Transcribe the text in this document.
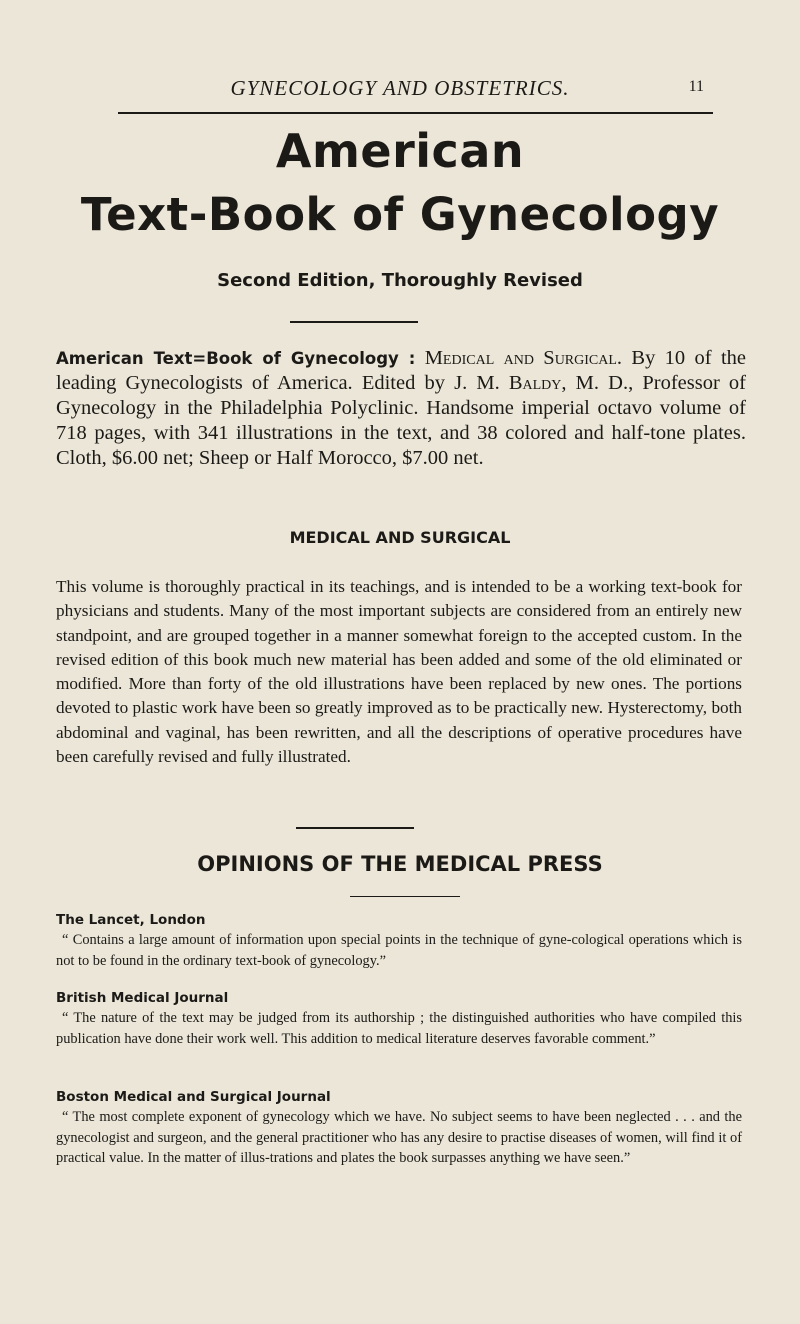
GYNECOLOGY AND OBSTETRICS.	11
American
Text-Book of Gynecology
Second Edition, Thoroughly Revised
American Text=Book of Gynecology : Medical and Surgical. By 10 of the leading Gynecologists of America. Edited by J. M. Baldy, M. D., Professor of Gynecology in the Philadelphia Polyclinic. Handsome imperial octavo volume of 718 pages, with 341 illustrations in the text, and 38 colored and half-tone plates. Cloth, $6.00 net; Sheep or Half Morocco, $7.00 net.
MEDICAL AND SURGICAL
This volume is thoroughly practical in its teachings, and is intended to be a working text-book for physicians and students. Many of the most important subjects are considered from an entirely new standpoint, and are grouped together in a manner somewhat foreign to the accepted custom. In the revised edition of this book much new material has been added and some of the old eliminated or modified. More than forty of the old illustrations have been replaced by new ones. The portions devoted to plastic work have been so greatly improved as to be practically new. Hysterectomy, both abdominal and vaginal, has been rewritten, and all the descriptions of operative procedures have been carefully revised and fully illustrated.
OPINIONS OF THE MEDICAL PRESS
The Lancet, London
“ Contains a large amount of information upon special points in the technique of gyne-cological operations which is not to be found in the ordinary text-book of gynecology.”
British Medical Journal
“ The nature of the text may be judged from its authorship ; the distinguished authorities who have compiled this publication have done their work well. This addition to medical literature deserves favorable comment.”
Boston Medical and Surgical Journal
“ The most complete exponent of gynecology which we have. No subject seems to have been neglected . . . and the gynecologist and surgeon, and the general practitioner who has any desire to practise diseases of women, will find it of practical value. In the matter of illus-trations and plates the book surpasses anything we have seen.”
